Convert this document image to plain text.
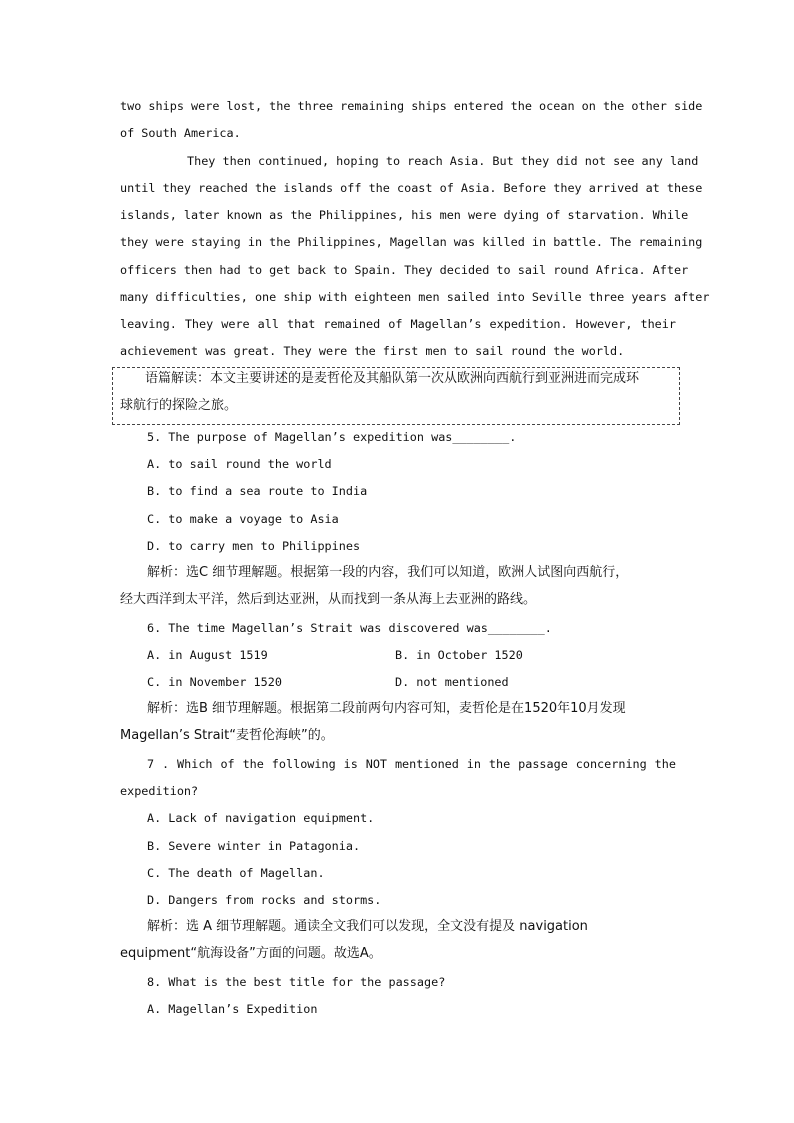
two ships were lost, the three remaining ships entered the ocean on the other side
of South America.
They then continued, hoping to reach Asia. But they did not see any land
until they reached the islands off the coast of Asia. Before they arrived at these
islands, later known as the Philippines, his men were dying of starvation. While
they were staying in the Philippines, Magellan was killed in battle. The remaining
officers then had to get back to Spain. They decided to sail round Africa. After
many difficulties, one ship with eighteen men sailed into Seville three years after
leaving. They were all that remained of Magellan’s expedition. However, their
achievement was great. They were the first men to sail round the world.
语篇解读：本文主要讲述的是麦哲伦及其船队第一次从欧洲向西航行到亚洲进而完成环
球航行的探险之旅。
5. The purpose of Magellan’s expedition was________.
A. to sail round the world
B. to find a sea route to India
C. to make a voyage to Asia
D. to carry men to Philippines
解析：选C 细节理解题。根据第一段的内容，我们可以知道，欧洲人试图向西航行，
经大西洋到太平洋，然后到达亚洲，从而找到一条从海上去亚洲的路线。
6. The time Magellan’s Strait was discovered was________.
A. in August 1519	B. in October 1520
C. in November 1520	D. not mentioned
解析：选B 细节理解题。根据第二段前两句内容可知，麦哲伦是在1520年10月发现
Magellan’s Strait“麦哲伦海峡”的。
7 . Which of the following is NOT mentioned in the passage concerning the
expedition?
A. Lack of navigation equipment.
B. Severe winter in Patagonia.
C. The death of Magellan.
D. Dangers from rocks and storms.
解析：选 A 细节理解题。通读全文我们可以发现，全文没有提及 navigation
equipment“航海设备”方面的问题。故选A。
8. What is the best title for the passage?
A. Magellan’s Expedition
